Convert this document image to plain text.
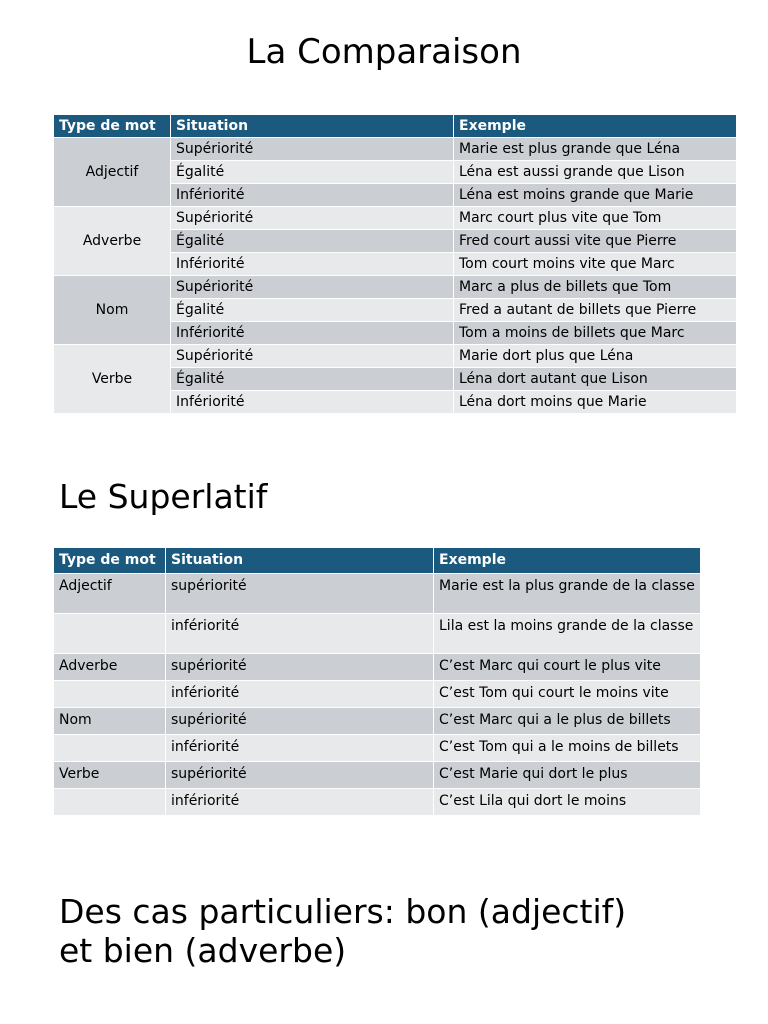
La Comparaison
Type de mot	Situation	Exemple
Adjectif	Supériorité	Marie est plus grande que Léna
	Égalité	Léna est aussi grande que Lison
	Infériorité	Léna est moins grande que Marie
Adverbe	Supériorité	Marc court plus vite que Tom
	Égalité	Fred court aussi vite que Pierre
	Infériorité	Tom court moins vite que Marc
Nom	Supériorité	Marc a plus de billets que Tom
	Égalité	Fred a autant de billets que Pierre
	Infériorité	Tom a moins de billets que Marc
Verbe	Supériorité	Marie dort plus que Léna
	Égalité	Léna dort autant que Lison
	Infériorité	Léna dort moins que Marie
Le Superlatif
Type de mot	Situation	Exemple
Adjectif	supériorité	Marie est la plus grande de la classe
	infériorité	Lila est la moins grande de la classe
Adverbe	supériorité	C’est Marc qui court le plus vite
	infériorité	C’est Tom qui court le moins vite
Nom	supériorité	C’est Marc qui a le plus de billets
	infériorité	C’est Tom qui a le moins de billets
Verbe	supériorité	C’est Marie qui dort le plus
	infériorité	C’est Lila qui dort le moins
Des cas particuliers: bon (adjectif)
et bien (adverbe)
